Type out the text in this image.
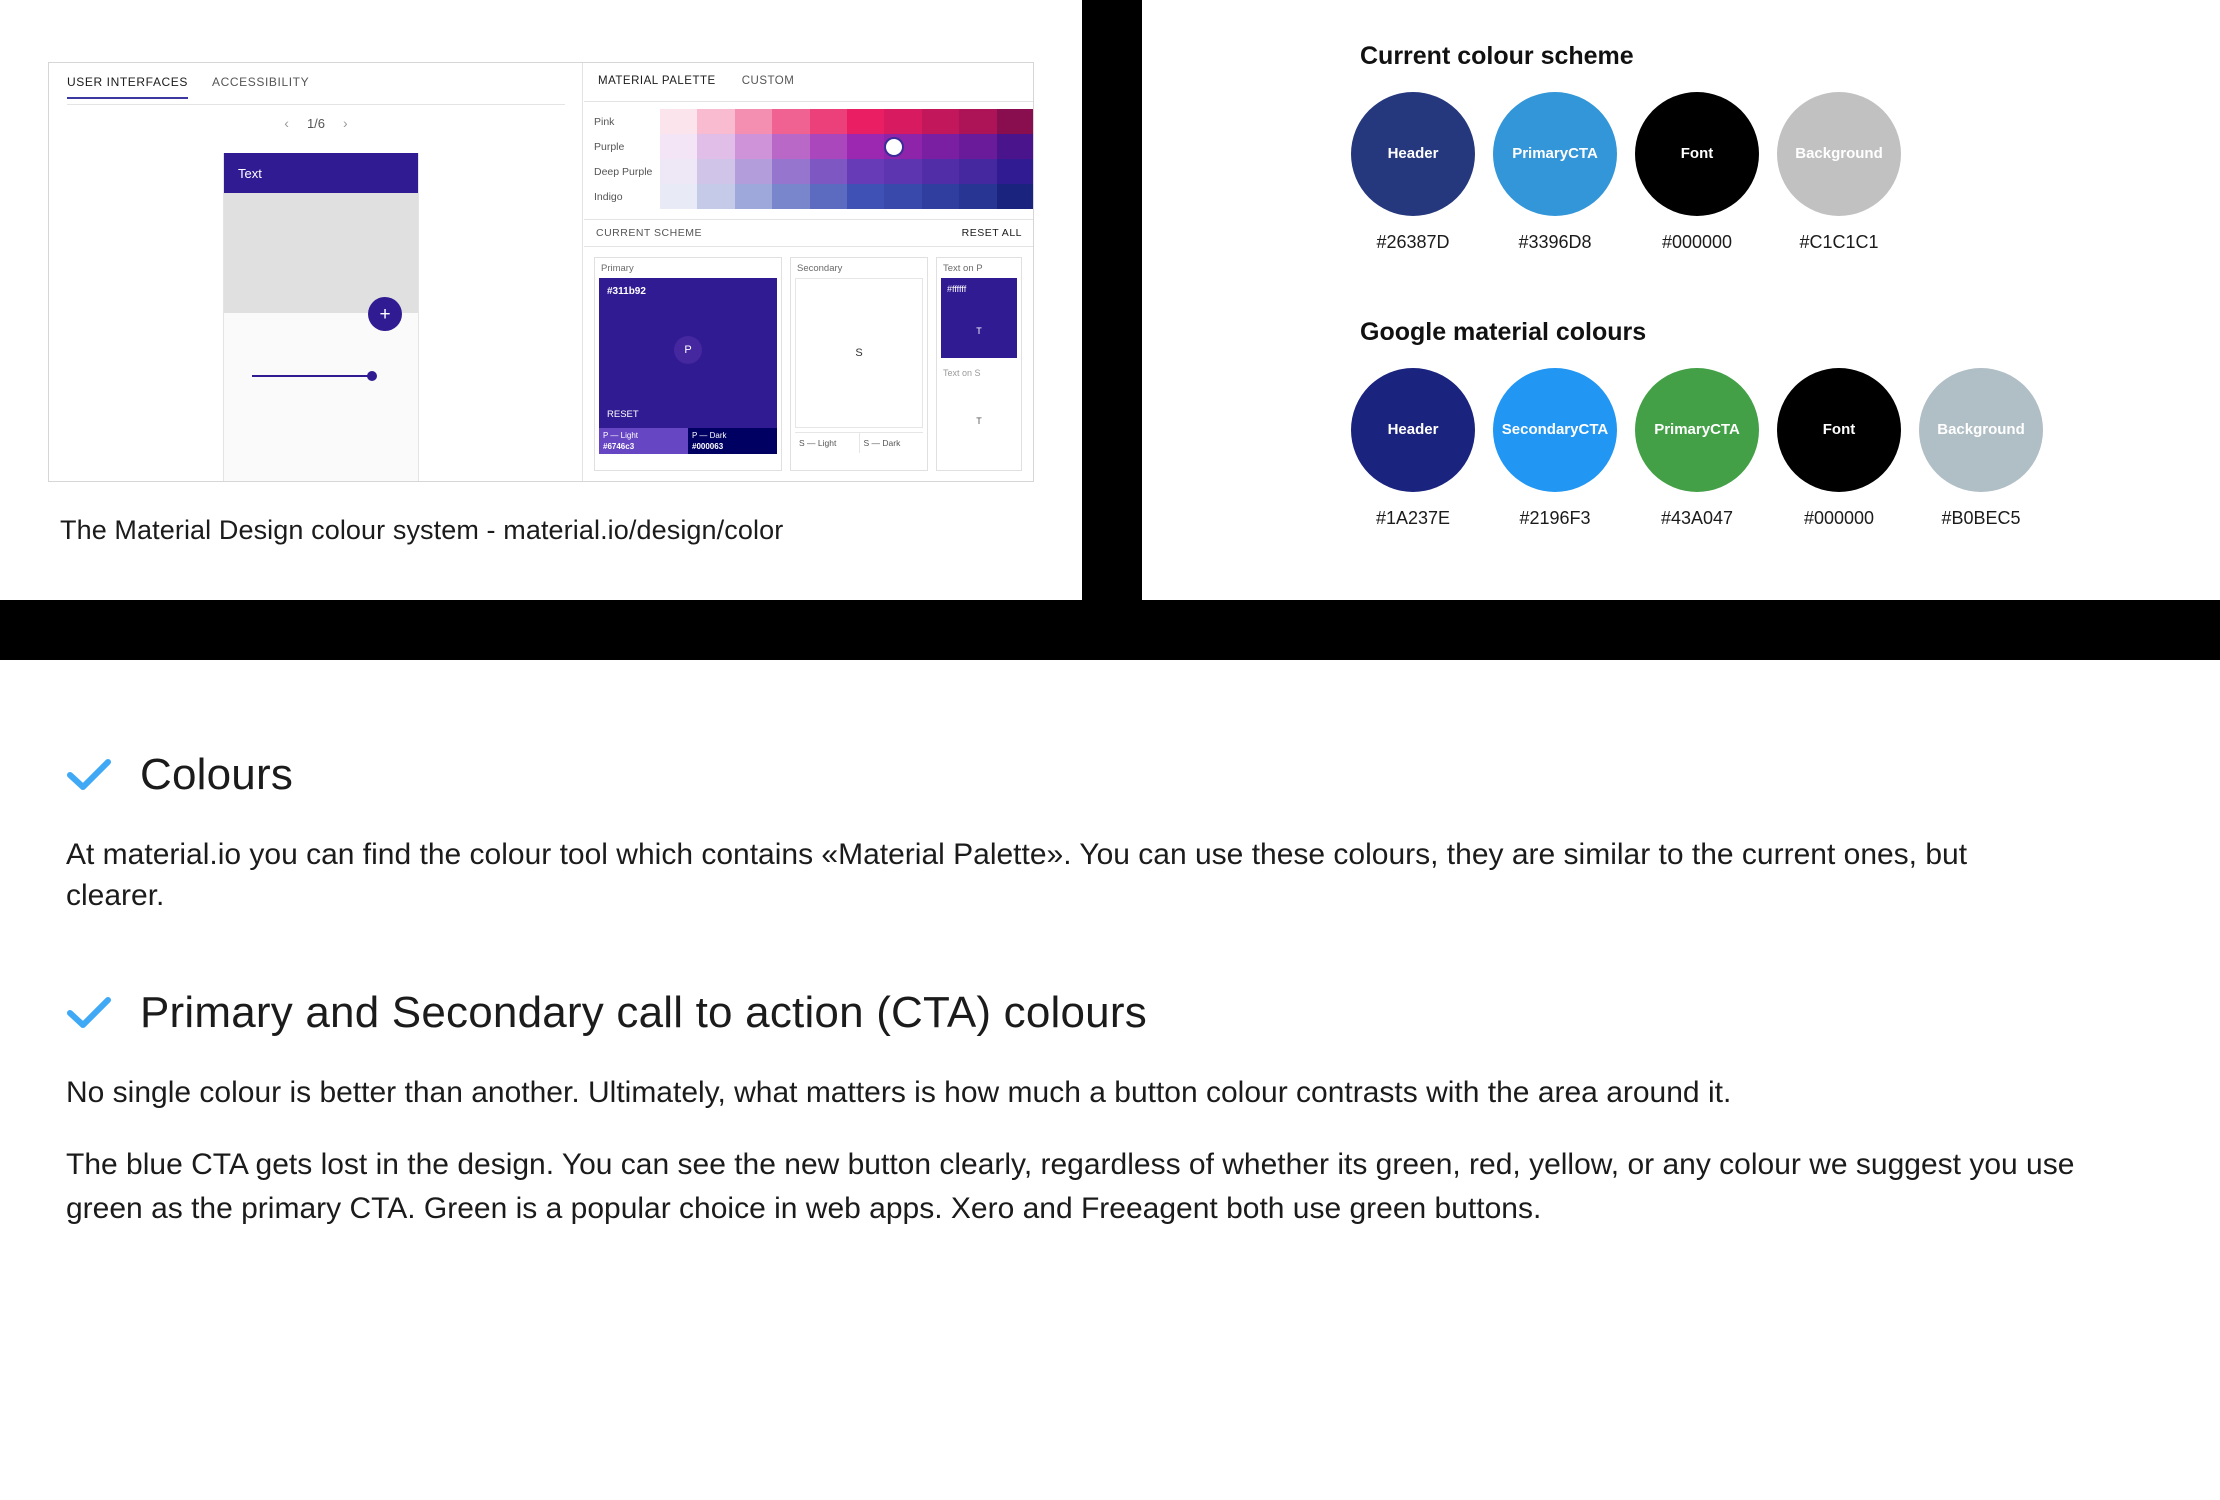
USER INTERFACES ACCESSIBILITY
‹ 1/6 ›
Text
+
MATERIAL PALETTE CUSTOM
Pink
Purple
Deep Purple
Indigo
CURRENT SCHEME	RESET ALL
Primary
#311b92
P
RESET
P — Light
#6746c3
P — Dark
#000063
Secondary
S
S — Light	S — Dark
Text on P
#ffffff
T
Text on S
T
The Material Design colour system - material.io/design/color
Current colour scheme
Header
#26387D
Primary CTA
#3396D8
Font
#000000
Background
#C1C1C1
Google material colours
Header
#1A237E
Secondary CTA
#2196F3
Primary CTA
#43A047
Font
#000000
Background
#B0BEC5
Colours

At material.io you can find the colour tool which contains «Material Palette». You can use these colours, they are similar to the current ones, but clearer.

Primary and Secondary call to action (CTA) colours

No single colour is better than another. Ultimately, what matters is how much a button colour contrasts with the area around it.

The blue CTA gets lost in the design. You can see the new button clearly, regardless of whether its green, red, yellow, or any colour we suggest you use green as the primary CTA. Green is a popular choice in web apps. Xero and Freeagent both use green buttons.
